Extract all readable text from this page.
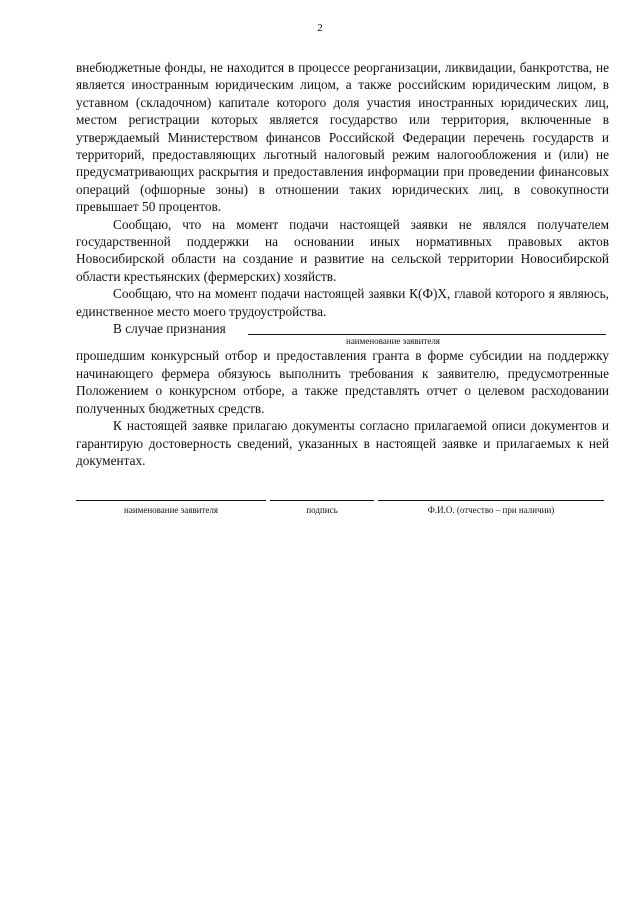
2

внебюджетные фонды, не находится в процессе реорганизации, ликвидации, банкротства, не является иностранным юридическим лицом, а также российским юридическим лицом, в уставном (складочном) капитале которого доля участия иностранных юридических лиц, местом регистрации которых является государство или территория, включенные в утверждаемый Министерством финансов Российской Федерации перечень государств и территорий, предоставляющих льготный налоговый режим налогообложения и (или) не предусматривающих раскрытия и предоставления информации при проведении финансовых операций (офшорные зоны) в отношении таких юридических лиц, в совокупности превышает 50 процентов.

Сообщаю, что на момент подачи настоящей заявки не являлся получателем государственной поддержки на основании иных нормативных правовых актов Новосибирской области на создание и развитие на сельской территории Новосибирской области крестьянских (фермерских) хозяйств.

Сообщаю, что на момент подачи настоящей заявки К(Ф)Х, главой которого я являюсь, единственное место моего трудоустройства.

В случае признания
наименование заявителя

прошедшим конкурсный отбор и предоставления гранта в форме субсидии на поддержку начинающего фермера обязуюсь выполнить требования к заявителю, предусмотренные Положением о конкурсном отборе, а также представлять отчет о целевом расходовании полученных бюджетных средств.

К настоящей заявке прилагаю документы согласно прилагаемой описи документов и гарантирую достоверность сведений, указанных в настоящей заявке и прилагаемых к ней документах.

наименование заявителя	подпись	Ф.И.О. (отчество – при наличии)
